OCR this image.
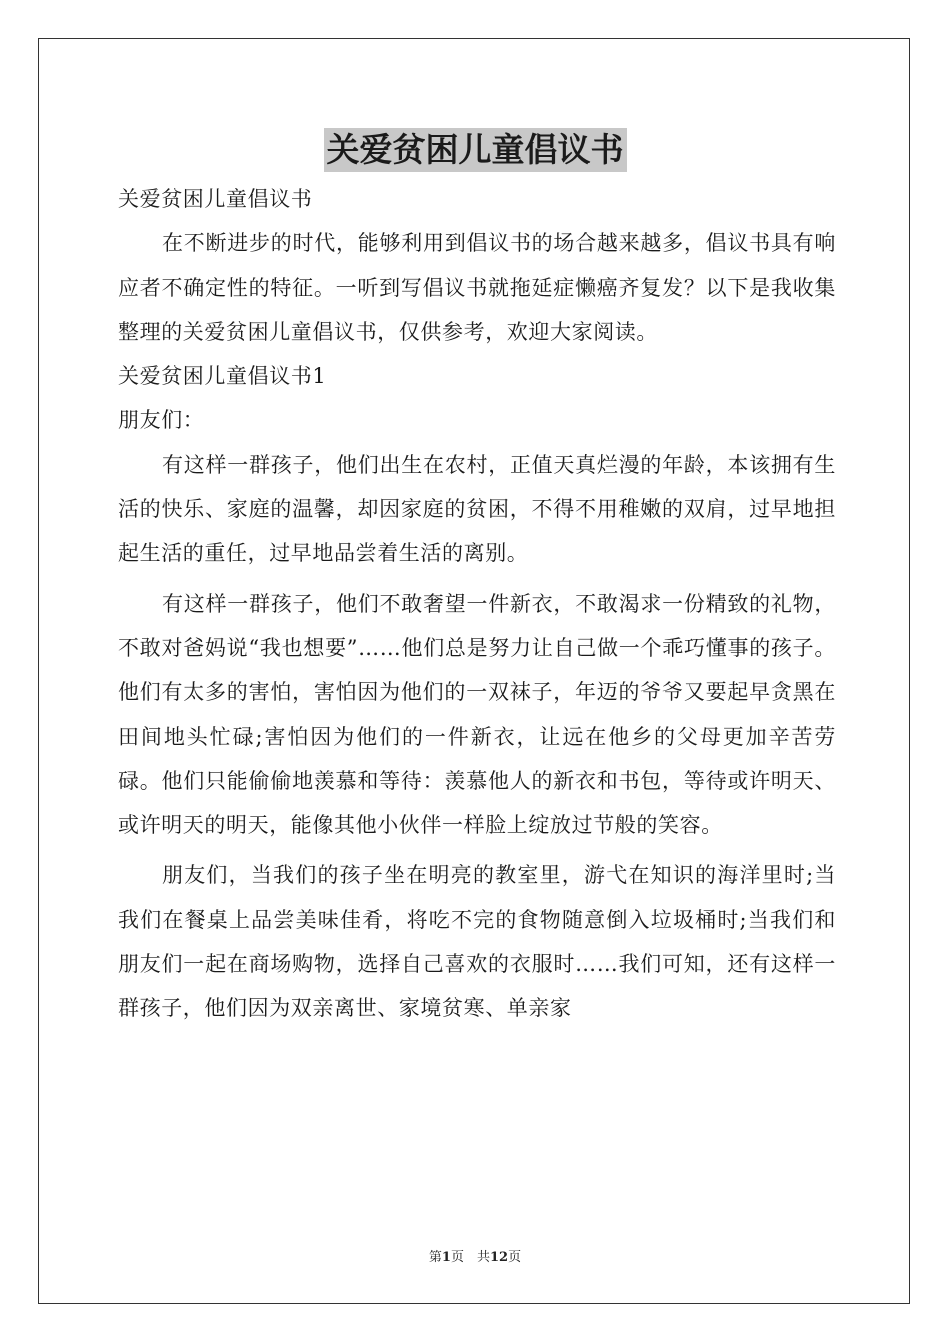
关爱贫困儿童倡议书

关爱贫困儿童倡议书

在不断进步的时代，能够利用到倡议书的场合越来越多，倡议书具有响应者不确定性的特征。一听到写倡议书就拖延症懒癌齐复发？以下是我收集整理的关爱贫困儿童倡议书，仅供参考，欢迎大家阅读。

关爱贫困儿童倡议书1

朋友们：

有这样一群孩子，他们出生在农村，正值天真烂漫的年龄，本该拥有生活的快乐、家庭的温馨，却因家庭的贫困，不得不用稚嫩的双肩，过早地担起生活的重任，过早地品尝着生活的离别。

有这样一群孩子，他们不敢奢望一件新衣，不敢渴求一份精致的礼物，不敢对爸妈说“我也想要”……他们总是努力让自己做一个乖巧懂事的孩子。他们有太多的害怕，害怕因为他们的一双袜子，年迈的爷爷又要起早贪黑在田间地头忙碌;害怕因为他们的一件新衣，让远在他乡的父母更加辛苦劳碌。他们只能偷偷地羡慕和等待：羡慕他人的新衣和书包，等待或许明天、或许明天的明天，能像其他小伙伴一样脸上绽放过节般的笑容。

朋友们，当我们的孩子坐在明亮的教室里，游弋在知识的海洋里时;当我们在餐桌上品尝美味佳肴，将吃不完的食物随意倒入垃圾桶时;当我们和朋友们一起在商场购物，选择自己喜欢的衣服时……我们可知，还有这样一群孩子，他们因为双亲离世、家境贫寒、单亲家

第1页　共12页
